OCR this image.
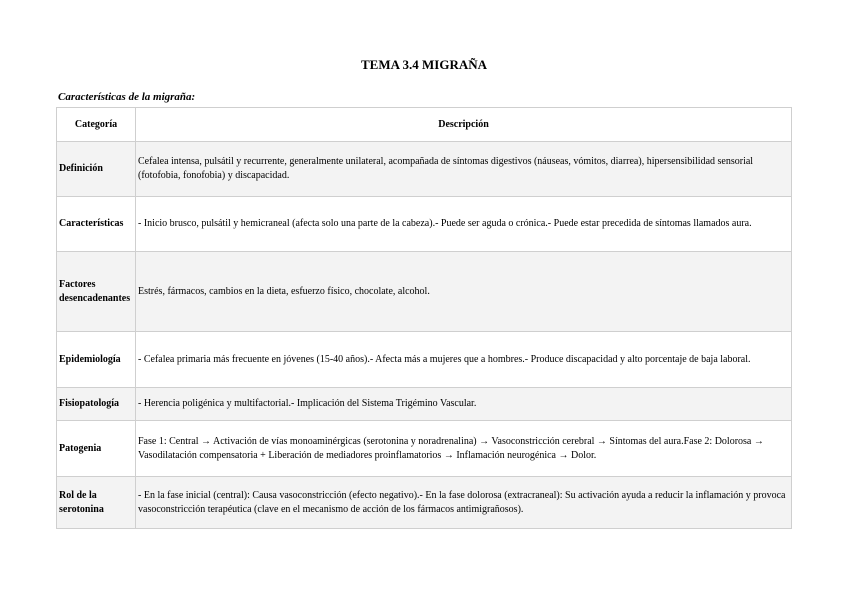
TEMA 3.4 MIGRAÑA
Características de la migraña:
Categoría	Descripción
Definición	Cefalea intensa, pulsátil y recurrente, generalmente unilateral, acompañada de síntomas digestivos (náuseas, vómitos, diarrea), hipersensibilidad sensorial (fotofobia, fonofobia) y discapacidad.
Características	- Inicio brusco, pulsátil y hemicraneal (afecta solo una parte de la cabeza).- Puede ser aguda o crónica.- Puede estar precedida de síntomas llamados aura.
Factores desencadenantes	Estrés, fármacos, cambios en la dieta, esfuerzo físico, chocolate, alcohol.
Epidemiología	- Cefalea primaria más frecuente en jóvenes (15-40 años).- Afecta más a mujeres que a hombres.- Produce discapacidad y alto porcentaje de baja laboral.
Fisiopatología	- Herencia poligénica y multifactorial.- Implicación del Sistema Trigémino Vascular.
Patogenia	Fase 1: Central → Activación de vías monoaminérgicas (serotonina y noradrenalina) → Vasoconstricción cerebral → Síntomas del aura.Fase 2: Dolorosa → Vasodilatación compensatoria + Liberación de mediadores proinflamatorios → Inflamación neurogénica → Dolor.
Rol de la serotonina	- En la fase inicial (central): Causa vasoconstricción (efecto negativo).- En la fase dolorosa (extracraneal): Su activación ayuda a reducir la inflamación y provoca vasoconstricción terapéutica (clave en el mecanismo de acción de los fármacos antimigrañosos).
